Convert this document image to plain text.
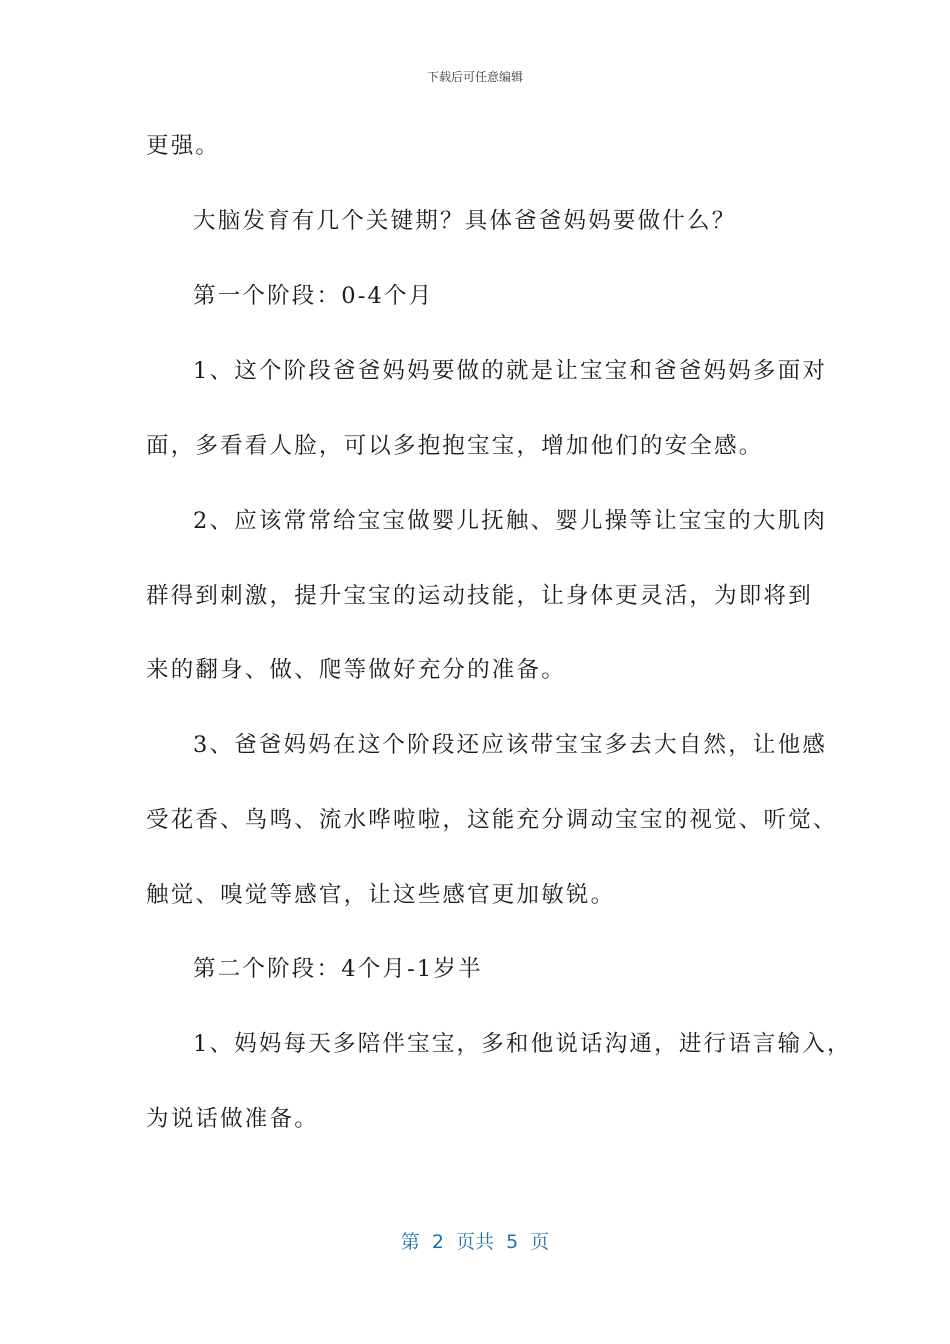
下载后可任意编辑
更强。
大脑发育有几个关键期？具体爸爸妈妈要做什么？
第一个阶段：0-4个月
1、这个阶段爸爸妈妈要做的就是让宝宝和爸爸妈妈多面对
面，多看看人脸，可以多抱抱宝宝，增加他们的安全感。
2、应该常常给宝宝做婴儿抚触、婴儿操等让宝宝的大肌肉
群得到刺激，提升宝宝的运动技能，让身体更灵活，为即将到
来的翻身、做、爬等做好充分的准备。
3、爸爸妈妈在这个阶段还应该带宝宝多去大自然，让他感
受花香、鸟鸣、流水哗啦啦，这能充分调动宝宝的视觉、听觉、
触觉、嗅觉等感官，让这些感官更加敏锐。
第二个阶段：4个月-1岁半
1、妈妈每天多陪伴宝宝，多和他说话沟通，进行语言输入，
为说话做准备。
第  2  页共  5  页
